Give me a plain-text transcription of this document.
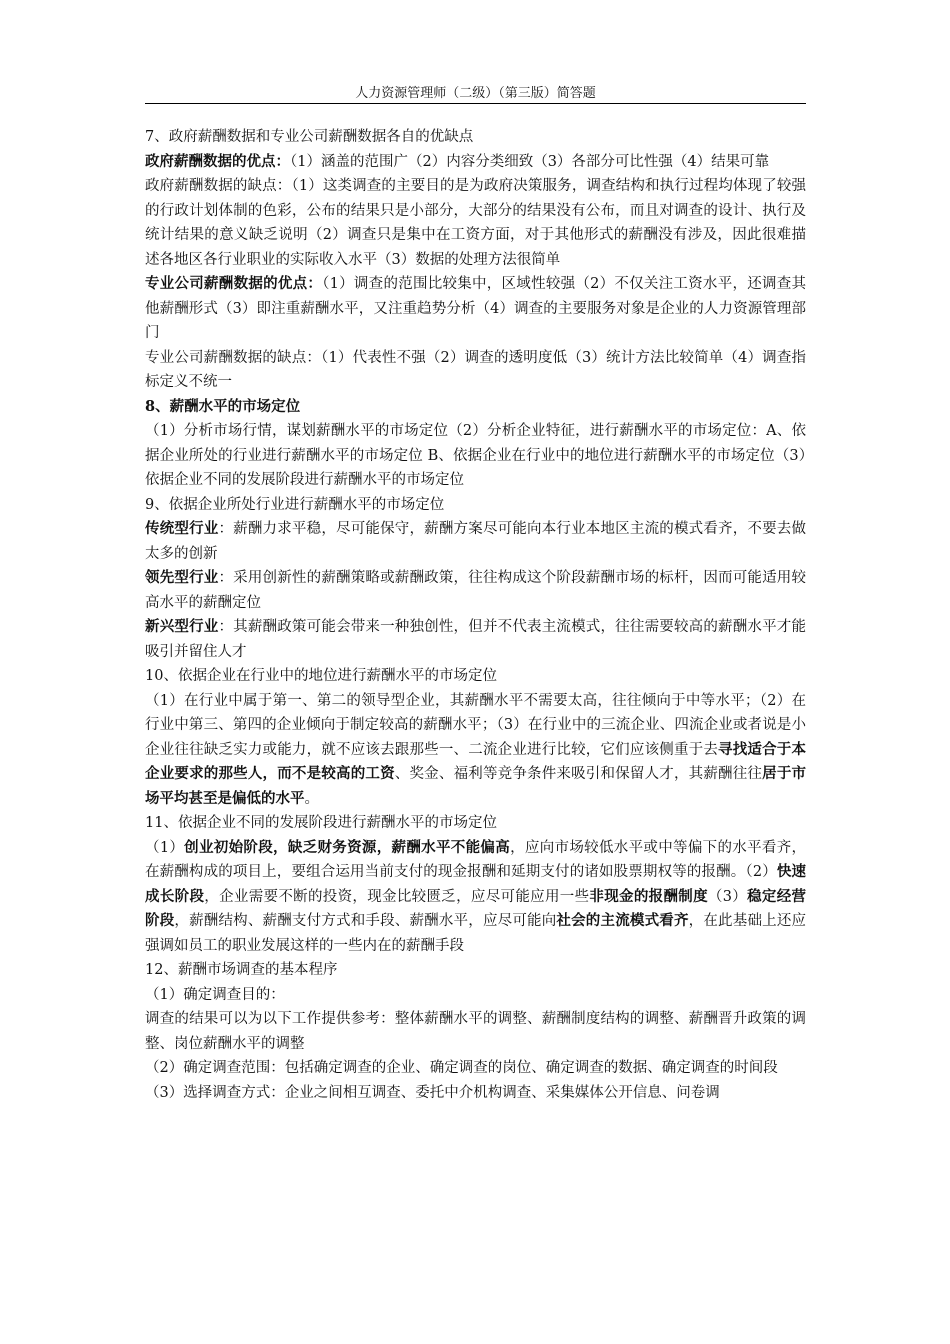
人力资源管理师（二级）（第三版）简答题

7、政府薪酬数据和专业公司薪酬数据各自的优缺点

政府薪酬数据的优点：（1）涵盖的范围广（2）内容分类细致（3）各部分可比性强（4）结果可靠

政府薪酬数据的缺点：（1）这类调查的主要目的是为政府决策服务，调查结构和执行过程均体现了较强的行政计划体制的色彩，公布的结果只是小部分，大部分的结果没有公布，而且对调查的设计、执行及统计结果的意义缺乏说明（2）调查只是集中在工资方面，对于其他形式的薪酬没有涉及，因此很难描述各地区各行业职业的实际收入水平（3）数据的处理方法很简单

专业公司薪酬数据的优点：（1）调查的范围比较集中，区域性较强（2）不仅关注工资水平，还调查其他薪酬形式（3）即注重薪酬水平，又注重趋势分析（4）调查的主要服务对象是企业的人力资源管理部门

专业公司薪酬数据的缺点：（1）代表性不强（2）调查的透明度低（3）统计方法比较简单（4）调查指标定义不统一

8、薪酬水平的市场定位

（1）分析市场行情，谋划薪酬水平的市场定位（2）分析企业特征，进行薪酬水平的市场定位：A、依据企业所处的行业进行薪酬水平的市场定位 B、依据企业在行业中的地位进行薪酬水平的市场定位（3）依据企业不同的发展阶段进行薪酬水平的市场定位

9、依据企业所处行业进行薪酬水平的市场定位

传统型行业：薪酬力求平稳，尽可能保守，薪酬方案尽可能向本行业本地区主流的模式看齐，不要去做太多的创新

领先型行业：采用创新性的薪酬策略或薪酬政策，往往构成这个阶段薪酬市场的标杆，因而可能适用较高水平的薪酬定位

新兴型行业：其薪酬政策可能会带来一种独创性，但并不代表主流模式，往往需要较高的薪酬水平才能吸引并留住人才

10、依据企业在行业中的地位进行薪酬水平的市场定位

（1）在行业中属于第一、第二的领导型企业，其薪酬水平不需要太高，往往倾向于中等水平；（2）在行业中第三、第四的企业倾向于制定较高的薪酬水平；（3）在行业中的三流企业、四流企业或者说是小企业往往缺乏实力或能力，就不应该去跟那些一、二流企业进行比较，它们应该侧重于去寻找适合于本企业要求的那些人，而不是较高的工资、奖金、福利等竞争条件来吸引和保留人才，其薪酬往往居于市场平均甚至是偏低的水平。

11、依据企业不同的发展阶段进行薪酬水平的市场定位

（1）创业初始阶段，缺乏财务资源，薪酬水平不能偏高，应向市场较低水平或中等偏下的水平看齐，在薪酬构成的项目上，要组合运用当前支付的现金报酬和延期支付的诸如股票期权等的报酬。（2）快速成长阶段，企业需要不断的投资，现金比较匮乏，应尽可能应用一些非现金的报酬制度（3）稳定经营阶段，薪酬结构、薪酬支付方式和手段、薪酬水平，应尽可能向社会的主流模式看齐，在此基础上还应强调如员工的职业发展这样的一些内在的薪酬手段

12、薪酬市场调查的基本程序

（1）确定调查目的：

调查的结果可以为以下工作提供参考：整体薪酬水平的调整、薪酬制度结构的调整、薪酬晋升政策的调整、岗位薪酬水平的调整

（2）确定调查范围：包括确定调查的企业、确定调查的岗位、确定调查的数据、确定调查的时间段

（3）选择调查方式：企业之间相互调查、委托中介机构调查、采集媒体公开信息、问卷调
